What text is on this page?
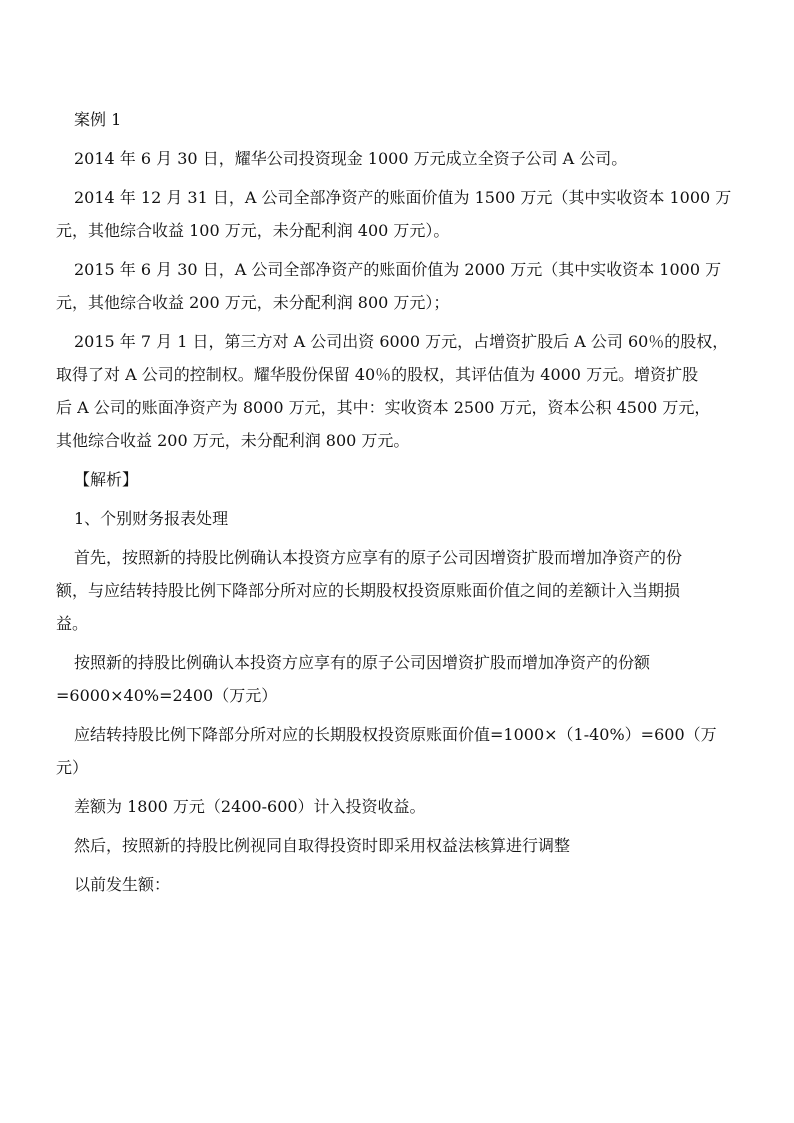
案例 1
2014 年 6 月 30 日，耀华公司投资现金 1000 万元成立全资子公司 A 公司。
2014 年 12 月 31 日，A 公司全部净资产的账面价值为 1500 万元（其中实收资本 1000 万
元，其他综合收益 100 万元，未分配利润 400 万元）。
2015 年 6 月 30 日，A 公司全部净资产的账面价值为 2000 万元（其中实收资本 1000 万
元，其他综合收益 200 万元，未分配利润 800 万元）；
2015 年 7 月 1 日，第三方对 A 公司出资 6000 万元，占增资扩股后 A 公司 60％的股权，
取得了对 A 公司的控制权。耀华股份保留 40％的股权，其评估值为 4000 万元。增资扩股
后 A 公司的账面净资产为 8000 万元，其中：实收资本 2500 万元，资本公积 4500 万元，
其他综合收益 200 万元，未分配利润 800 万元。
【解析】
1、个别财务报表处理
首先，按照新的持股比例确认本投资方应享有的原子公司因增资扩股而增加净资产的份
额，与应结转持股比例下降部分所对应的长期股权投资原账面价值之间的差额计入当期损
益。
按照新的持股比例确认本投资方应享有的原子公司因增资扩股而增加净资产的份额
=6000×40%=2400（万元）
应结转持股比例下降部分所对应的长期股权投资原账面价值=1000×（1-40%）=600（万
元）
差额为 1800 万元（2400-600）计入投资收益。
然后，按照新的持股比例视同自取得投资时即采用权益法核算进行调整
以前发生额：
